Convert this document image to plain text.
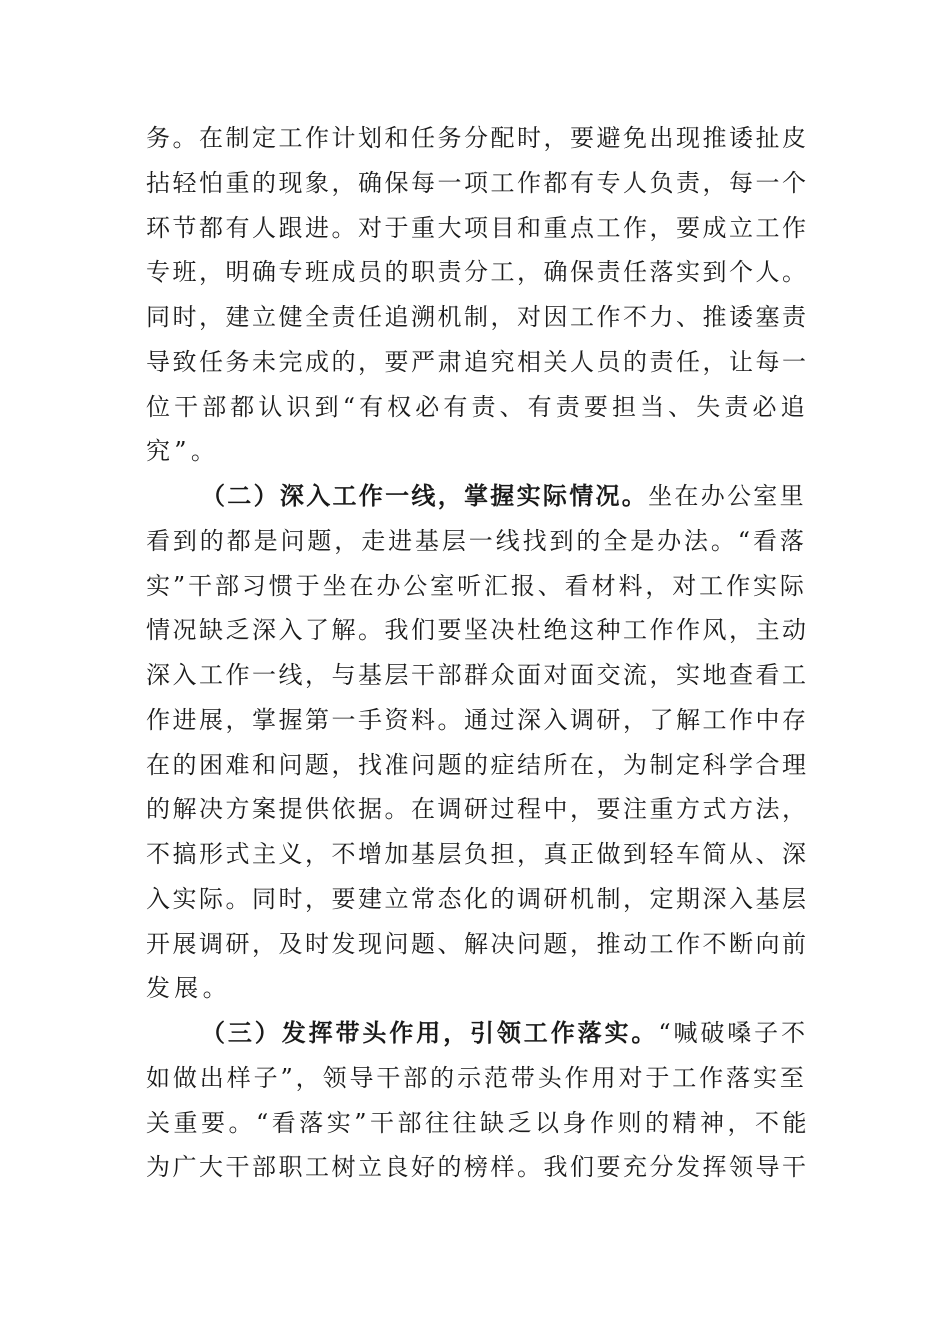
务。在制定工作计划和任务分配时，要避免出现推诿扯皮
拈轻怕重的现象，确保每一项工作都有专人负责，每一个
环节都有人跟进。对于重大项目和重点工作，要成立工作
专班，明确专班成员的职责分工，确保责任落实到个人。
同时，建立健全责任追溯机制，对因工作不力、推诿塞责
导致任务未完成的，要严肃追究相关人员的责任，让每一
位干部都认识到“有权必有责、有责要担当、失责必追
究”。
（二）深入工作一线，掌握实际情况。坐在办公室里
看到的都是问题，走进基层一线找到的全是办法。“看落
实”干部习惯于坐在办公室听汇报、看材料，对工作实际
情况缺乏深入了解。我们要坚决杜绝这种工作作风，主动
深入工作一线，与基层干部群众面对面交流，实地查看工
作进展，掌握第一手资料。通过深入调研，了解工作中存
在的困难和问题，找准问题的症结所在，为制定科学合理
的解决方案提供依据。在调研过程中，要注重方式方法，
不搞形式主义，不增加基层负担，真正做到轻车简从、深
入实际。同时，要建立常态化的调研机制，定期深入基层
开展调研，及时发现问题、解决问题，推动工作不断向前
发展。
（三）发挥带头作用，引领工作落实。“喊破嗓子不
如做出样子”，领导干部的示范带头作用对于工作落实至
关重要。“看落实”干部往往缺乏以身作则的精神，不能
为广大干部职工树立良好的榜样。我们要充分发挥领导干
